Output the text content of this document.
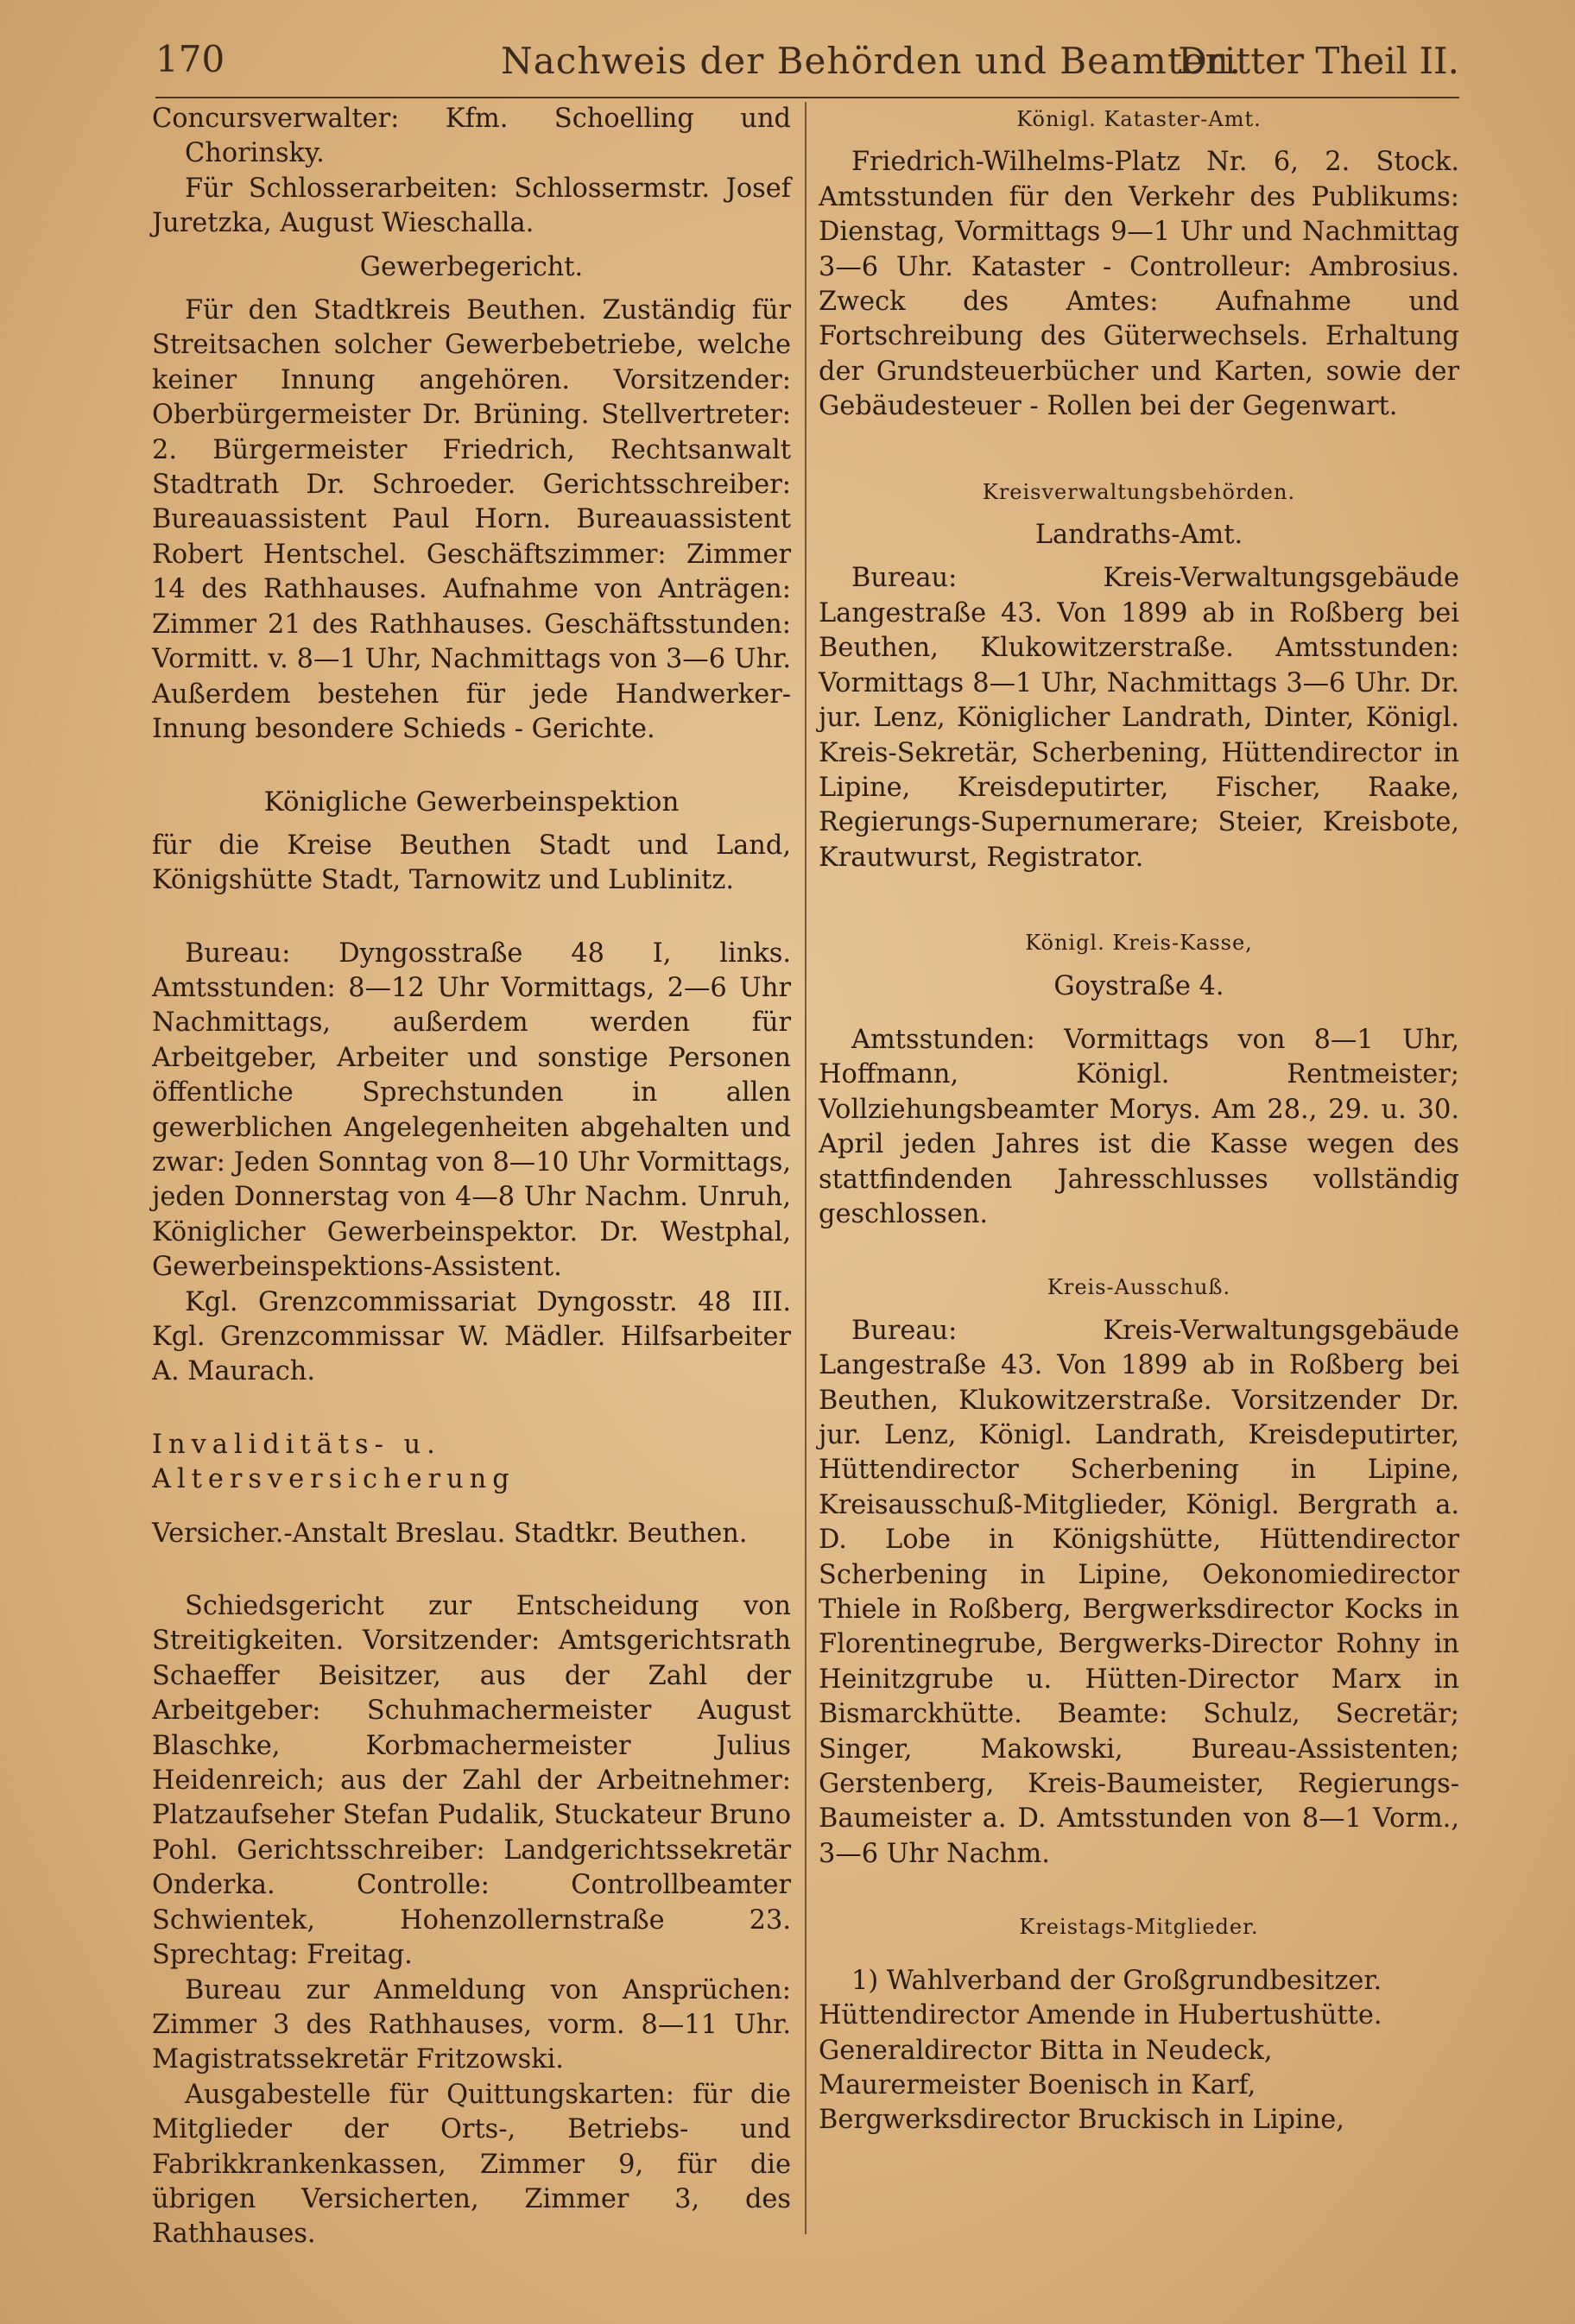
170	Nachweis der Behörden und Beamten.
Dritter Theil II.

Concursverwalter: Kfm. Schoelling und Chorinsky.

Für Schlosserarbeiten: Schlossermstr. Josef Juretzka, August Wieschalla.

Gewerbegericht.

Für den Stadtkreis Beuthen. Zuständig für Streitsachen solcher Gewerbebetriebe, welche keiner Innung angehören. Vorsitzender: Oberbürgermeister Dr. Brüning. Stellvertreter: 2. Bürgermeister Friedrich, Rechtsanwalt Stadtrath Dr. Schroeder. Gerichtsschreiber: Bureauassistent Paul Horn. Bureauassistent Robert Hentschel. Geschäftszimmer: Zimmer 14 des Rathhauses. Aufnahme von Anträgen: Zimmer 21 des Rathhauses. Geschäftsstunden: Vormitt. v. 8—1 Uhr, Nachmittags von 3—6 Uhr. Außerdem bestehen für jede Handwerker-Innung besondere Schieds - Gerichte.

Königliche Gewerbeinspektion

für die Kreise Beuthen Stadt und Land, Königshütte Stadt, Tarnowitz und Lublinitz.

Bureau: Dyngosstraße 48 I, links. Amtsstunden: 8—12 Uhr Vormittags, 2—6 Uhr Nachmittags, außerdem werden für Arbeitgeber, Arbeiter und sonstige Personen öffentliche Sprechstunden in allen gewerblichen Angelegenheiten abgehalten und zwar: Jeden Sonntag von 8—10 Uhr Vormittags, jeden Donnerstag von 4—8 Uhr Nachm. Unruh, Königlicher Gewerbeinspektor. Dr. Westphal, Gewerbeinspektions-Assistent.

Kgl. Grenzcommissariat Dyngosstr. 48 III. Kgl. Grenzcommissar W. Mädler. Hilfsarbeiter A. Maurach.

Invaliditäts- u. Altersversicherung

Versicher.-Anstalt Breslau. Stadtkr. Beuthen.

Schiedsgericht zur Entscheidung von Streitigkeiten. Vorsitzender: Amtsgerichtsrath Schaeffer Beisitzer, aus der Zahl der Arbeitgeber: Schuhmachermeister August Blaschke, Korbmachermeister Julius Heidenreich; aus der Zahl der Arbeitnehmer: Platzaufseher Stefan Pudalik, Stuckateur Bruno Pohl. Gerichtsschreiber: Landgerichtssekretär Onderka. Controlle: Controllbeamter Schwientek, Hohenzollernstraße 23. Sprechtag: Freitag.

Bureau zur Anmeldung von Ansprüchen: Zimmer 3 des Rathhauses, vorm. 8—11 Uhr. Magistratssekretär Fritzowski.

Ausgabestelle für Quittungskarten: für die Mitglieder der Orts-, Betriebs- und Fabrikkrankenkassen, Zimmer 9, für die übrigen Versicherten, Zimmer 3, des Rathhauses.

Königl. Kataster-Amt.

Friedrich-Wilhelms-Platz Nr. 6, 2. Stock. Amtsstunden für den Verkehr des Publikums: Dienstag, Vormittags 9—1 Uhr und Nachmittag 3—6 Uhr. Kataster - Controlleur: Ambrosius. Zweck des Amtes: Aufnahme und Fortschreibung des Güterwechsels. Erhaltung der Grundsteuerbücher und Karten, sowie der Gebäudesteuer - Rollen bei der Gegenwart.

Kreisverwaltungsbehörden.

Landraths-Amt.

Bureau: Kreis-Verwaltungsgebäude Langestraße 43. Von 1899 ab in Roßberg bei Beuthen, Klukowitzerstraße. Amtsstunden: Vormittags 8—1 Uhr, Nachmittags 3—6 Uhr. Dr. jur. Lenz, Königlicher Landrath, Dinter, Königl. Kreis-Sekretär, Scherbening, Hüttendirector in Lipine, Kreisdeputirter, Fischer, Raake, Regierungs-Supernumerare; Steier, Kreisbote, Krautwurst, Registrator.

Königl. Kreis-Kasse,

Goystraße 4.

Amtsstunden: Vormittags von 8—1 Uhr, Hoffmann, Königl. Rentmeister; Vollziehungsbeamter Morys. Am 28., 29. u. 30. April jeden Jahres ist die Kasse wegen des stattfindenden Jahresschlusses vollständig geschlossen.

Kreis-Ausschuß.

Bureau: Kreis-Verwaltungsgebäude Langestraße 43. Von 1899 ab in Roßberg bei Beuthen, Klukowitzerstraße. Vorsitzender Dr. jur. Lenz, Königl. Landrath, Kreisdeputirter, Hüttendirector Scherbening in Lipine, Kreisausschuß-Mitglieder, Königl. Bergrath a. D. Lobe in Königshütte, Hüttendirector Scherbening in Lipine, Oekonomiedirector Thiele in Roßberg, Bergwerksdirector Kocks in Florentinegrube, Bergwerks-Director Rohny in Heinitzgrube u. Hütten-Director Marx in Bismarckhütte. Beamte: Schulz, Secretär; Singer, Makowski, Bureau-Assistenten; Gerstenberg, Kreis-Baumeister, Regierungs-Baumeister a. D. Amtsstunden von 8—1 Vorm., 3—6 Uhr Nachm.

Kreistags-Mitglieder.

1) Wahlverband der Großgrundbesitzer.

Hüttendirector Amende in Hubertushütte.

Generaldirector Bitta in Neudeck,

Maurermeister Boenisch in Karf,

Bergwerksdirector Bruckisch in Lipine,
